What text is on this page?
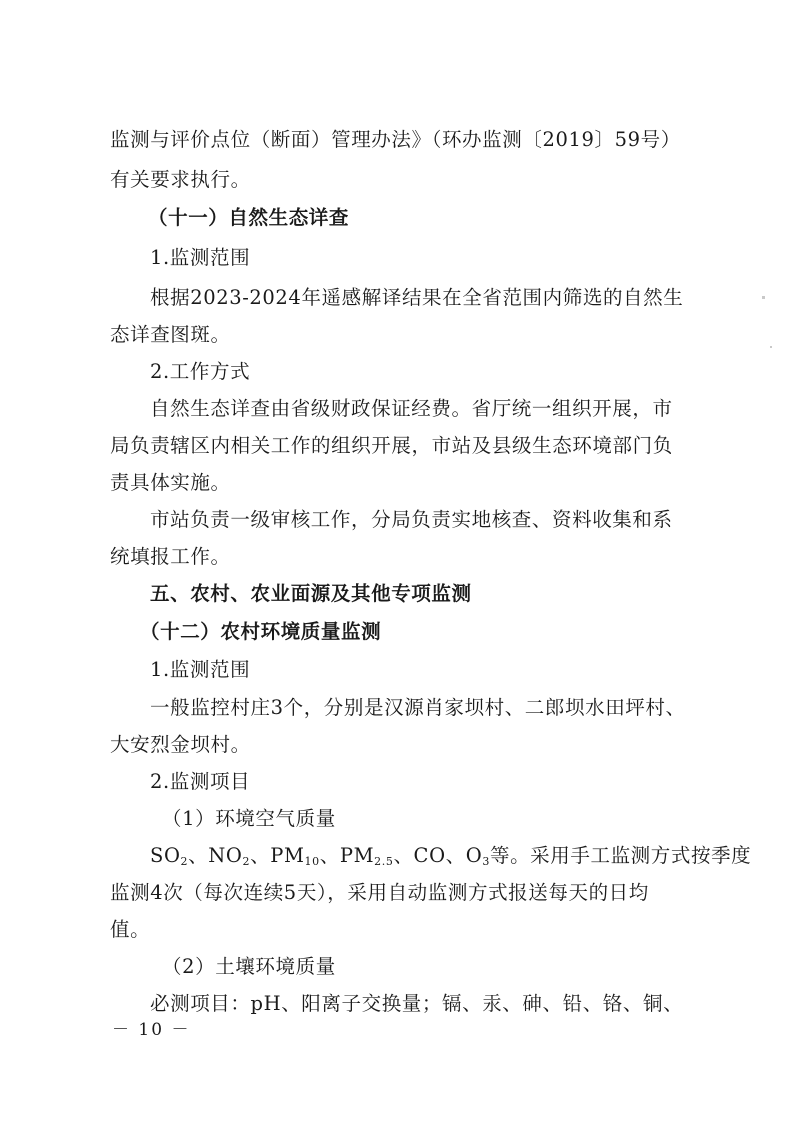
监测与评价点位（断面）管理办法》（环办监测〔2019〕59号）
有关要求执行。
（十一）自然生态详查
1.监测范围
根据2023-2024年遥感解译结果在全省范围内筛选的自然生
态详查图斑。
2.工作方式
自然生态详查由省级财政保证经费。省厅统一组织开展，市
局负责辖区内相关工作的组织开展，市站及县级生态环境部门负
责具体实施。
市站负责一级审核工作，分局负责实地核查、资料收集和系
统填报工作。
五、农村、农业面源及其他专项监测
（十二）农村环境质量监测
1.监测范围
一般监控村庄3个，分别是汉源肖家坝村、二郎坝水田坪村、
大安烈金坝村。
2.监测项目
（1）环境空气质量
$SO_2$、$NO_2$、$PM_{10}$、$PM_{2.5}$、CO、$O_3$等。采用手工监测方式按季度
监测4次（每次连续5天），采用自动监测方式报送每天的日均
值。
（2）土壤环境质量
必测项目：pH、阳离子交换量；镉、汞、砷、铅、铬、铜、
－ 10 －
